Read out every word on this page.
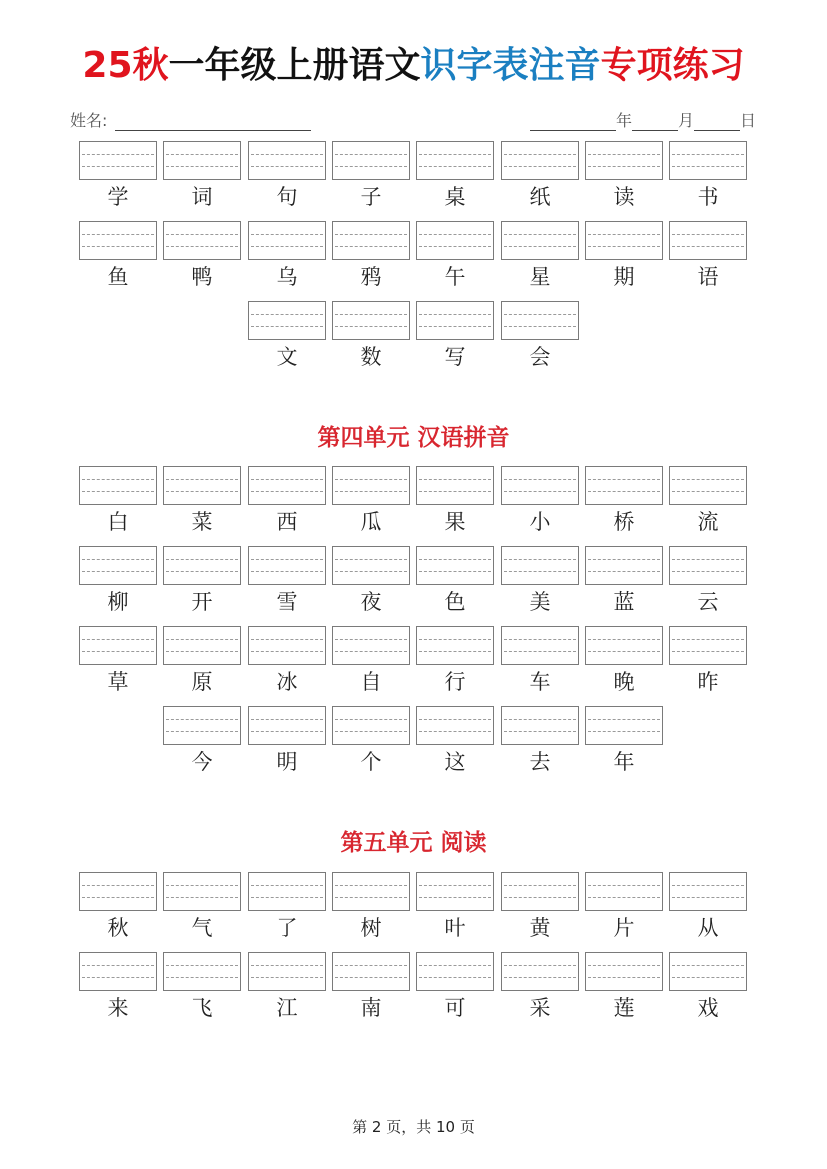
25秋一年级上册语文识字表注音专项练习
姓名:	年	月	日
学	词	句	子	桌	纸	读	书
鱼	鸭	乌	鸦	午	星	期	语
文	数	写	会
白	菜	西	瓜	果	小	桥	流
柳	开	雪	夜	色	美	蓝	云
草	原	冰	自	行	车	晚	昨
今	明	个	这	去	年
秋	气	了	树	叶	黄	片	从
来	飞	江	南	可	采	莲	戏
第四单元 汉语拼音
第五单元 阅读
第 2 页，共 10 页
